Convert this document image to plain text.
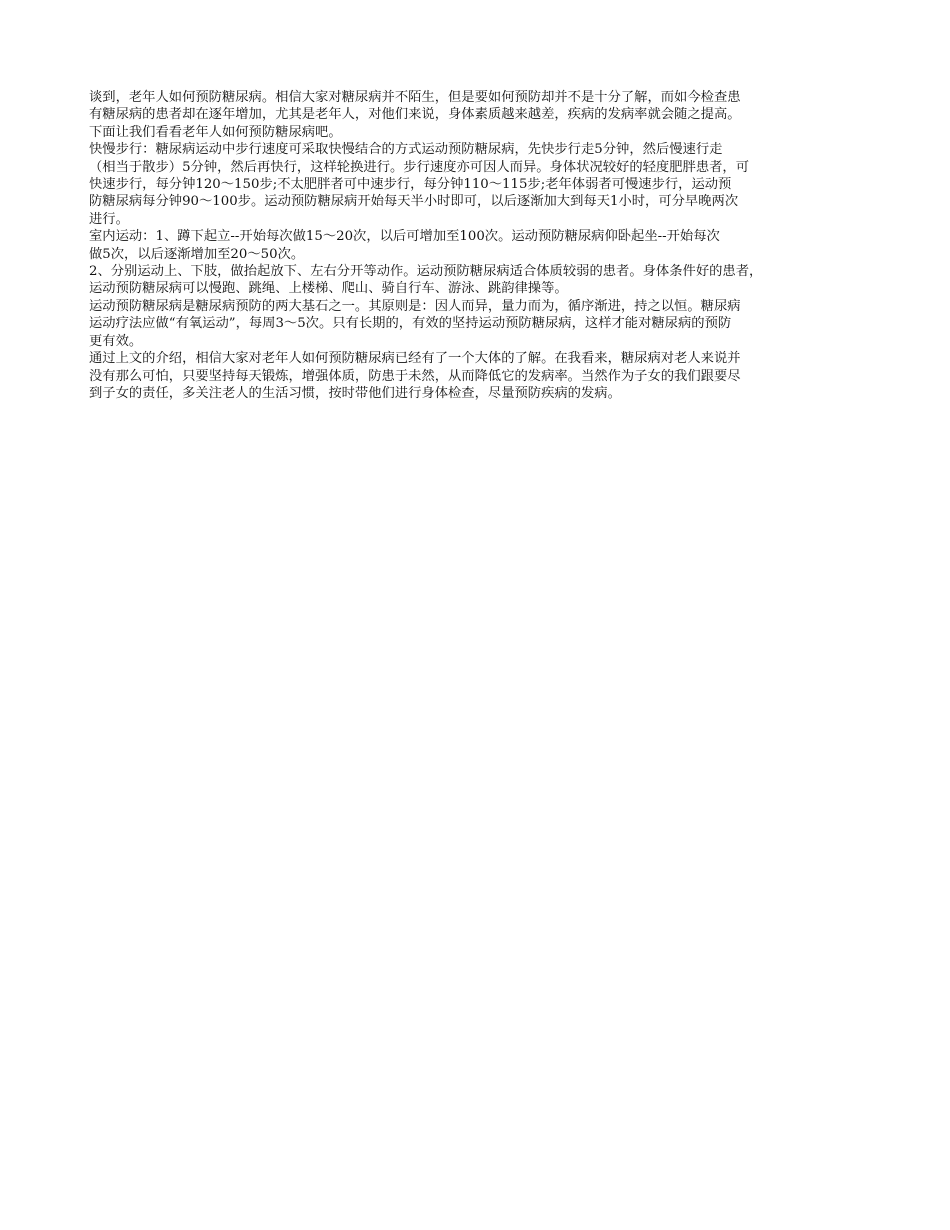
谈到，老年人如何预防糖尿病。相信大家对糖尿病并不陌生，但是要如何预防却并不是十分了解，而如今检查患
有糖尿病的患者却在逐年增加，尤其是老年人，对他们来说，身体素质越来越差，疾病的发病率就会随之提高。
下面让我们看看老年人如何预防糖尿病吧。
快慢步行：糖尿病运动中步行速度可采取快慢结合的方式运动预防糖尿病，先快步行走5分钟，然后慢速行走
（相当于散步）5分钟，然后再快行，这样轮换进行。步行速度亦可因人而异。身体状况较好的轻度肥胖患者，可
快速步行，每分钟120～150步;不太肥胖者可中速步行，每分钟110～115步;老年体弱者可慢速步行，运动预
防糖尿病每分钟90～100步。运动预防糖尿病开始每天半小时即可，以后逐渐加大到每天1小时，可分早晚两次
进行。
室内运动：1、蹲下起立--开始每次做15～20次，以后可增加至100次。运动预防糖尿病仰卧起坐--开始每次
做5次，以后逐渐增加至20～50次。
2、分别运动上、下肢，做抬起放下、左右分开等动作。运动预防糖尿病适合体质较弱的患者。身体条件好的患者，
运动预防糖尿病可以慢跑、跳绳、上楼梯、爬山、骑自行车、游泳、跳韵律操等。
运动预防糖尿病是糖尿病预防的两大基石之一。其原则是：因人而异，量力而为，循序渐进，持之以恒。糖尿病
运动疗法应做“有氧运动”，每周3～5次。只有长期的，有效的坚持运动预防糖尿病，这样才能对糖尿病的预防
更有效。
通过上文的介绍，相信大家对老年人如何预防糖尿病已经有了一个大体的了解。在我看来，糖尿病对老人来说并
没有那么可怕，只要坚持每天锻炼，增强体质，防患于未然，从而降低它的发病率。当然作为子女的我们跟要尽
到子女的责任，多关注老人的生活习惯，按时带他们进行身体检查，尽量预防疾病的发病。
